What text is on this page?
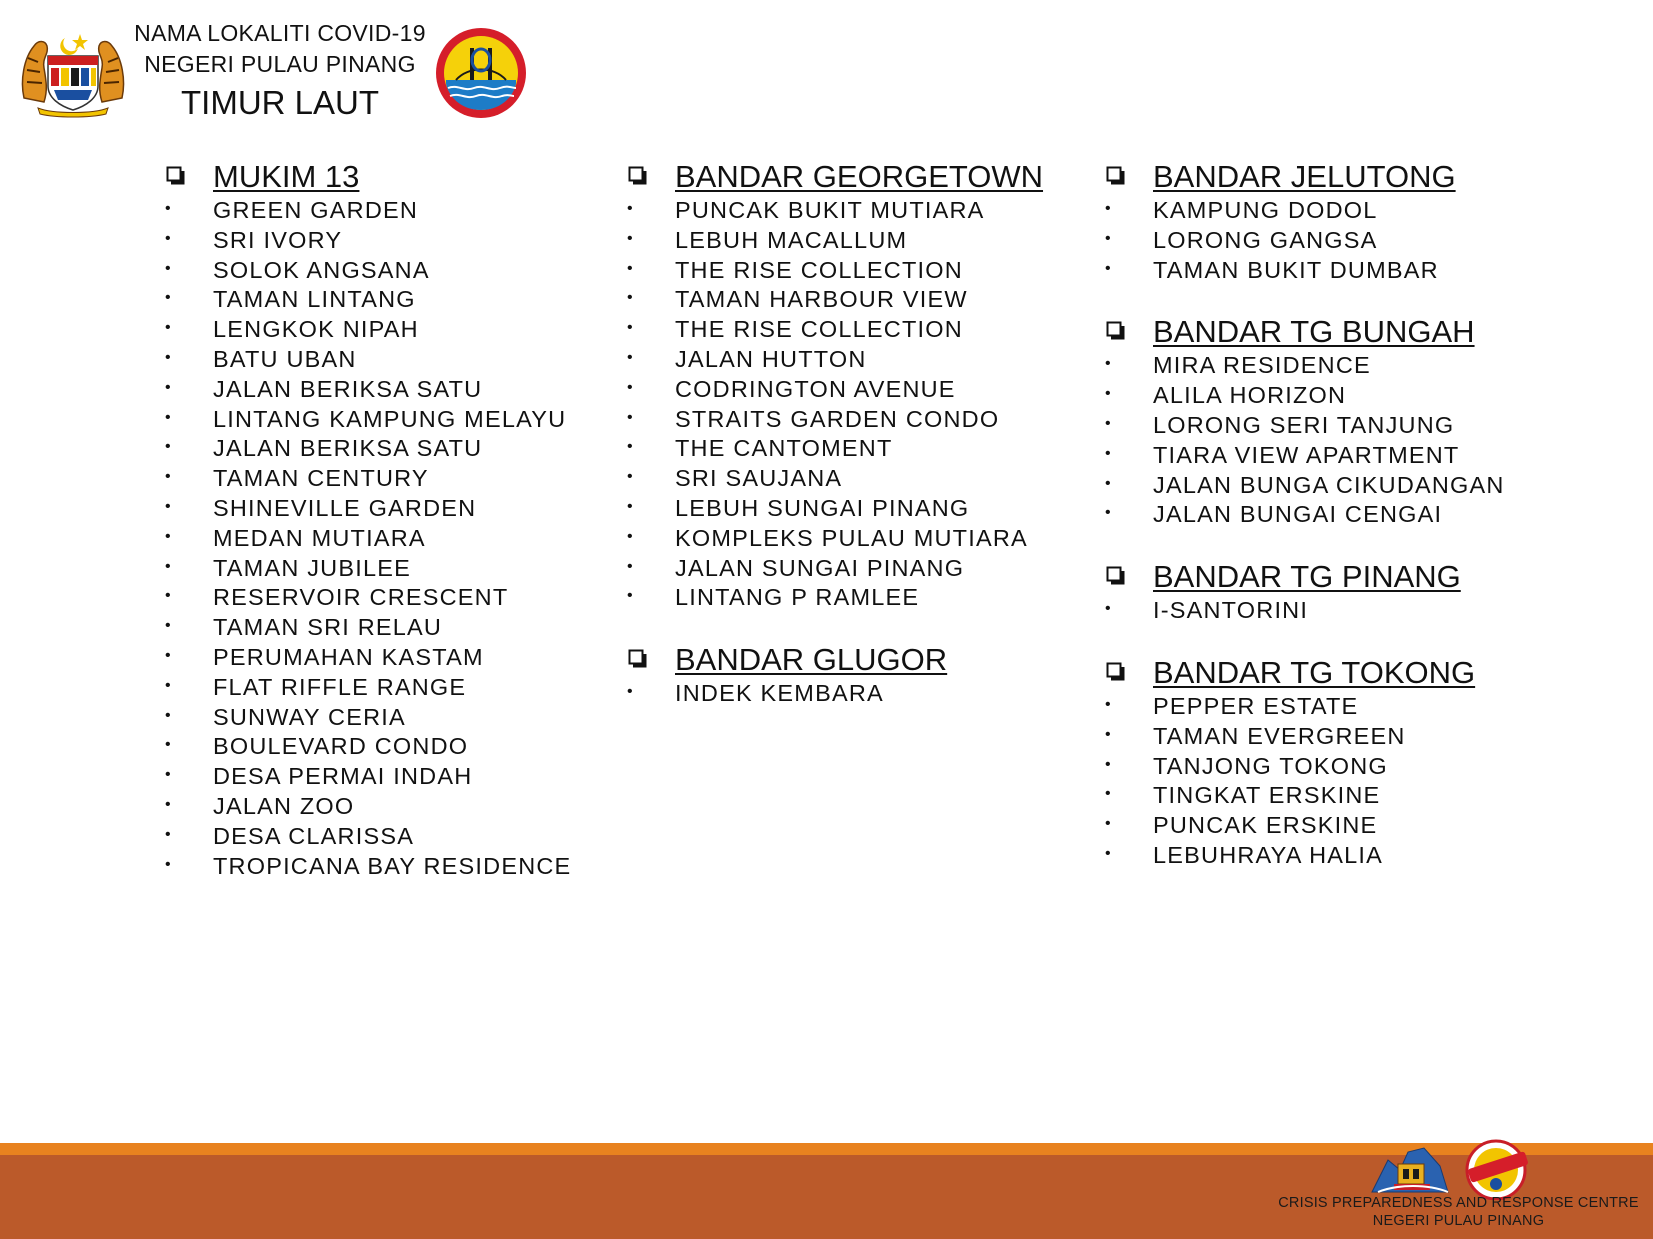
NAMA LOKALITI COVID-19
NEGERI PULAU PINANG
TIMUR LAUT
MUKIM 13
• GREEN GARDEN
• SRI IVORY
• SOLOK ANGSANA
• TAMAN LINTANG
• LENGKOK NIPAH
• BATU UBAN
• JALAN BERIKSA SATU
• LINTANG KAMPUNG MELAYU
• JALAN BERIKSA SATU
• TAMAN CENTURY
• SHINEVILLE GARDEN
• MEDAN MUTIARA
• TAMAN JUBILEE
• RESERVOIR CRESCENT
• TAMAN SRI RELAU
• PERUMAHAN KASTAM
• FLAT RIFFLE RANGE
• SUNWAY CERIA
• BOULEVARD CONDO
• DESA PERMAI INDAH
• JALAN ZOO
• DESA CLARISSA
• TROPICANA BAY RESIDENCE
BANDAR GEORGETOWN
• PUNCAK BUKIT MUTIARA
• LEBUH MACALLUM
• THE RISE COLLECTION
• TAMAN HARBOUR VIEW
• THE RISE COLLECTION
• JALAN HUTTON
• CODRINGTON AVENUE
• STRAITS GARDEN CONDO
• THE CANTOMENT
• SRI SAUJANA
• LEBUH SUNGAI PINANG
• KOMPLEKS PULAU MUTIARA
• JALAN SUNGAI PINANG
• LINTANG P RAMLEE
BANDAR GLUGOR
• INDEK KEMBARA
BANDAR JELUTONG
• KAMPUNG DODOL
• LORONG GANGSA
• TAMAN BUKIT DUMBAR
BANDAR TG BUNGAH
• MIRA RESIDENCE
• ALILA HORIZON
• LORONG SERI TANJUNG
• TIARA VIEW APARTMENT
• JALAN BUNGA CIKUDANGAN
• JALAN BUNGAI CENGAI
BANDAR TG PINANG
• I-SANTORINI
BANDAR TG TOKONG
• PEPPER ESTATE
• TAMAN EVERGREEN
• TANJONG TOKONG
• TINGKAT ERSKINE
• PUNCAK ERSKINE
• LEBUHRAYA HALIA
CRISIS PREPAREDNESS AND RESPONSE CENTRE
NEGERI PULAU PINANG
